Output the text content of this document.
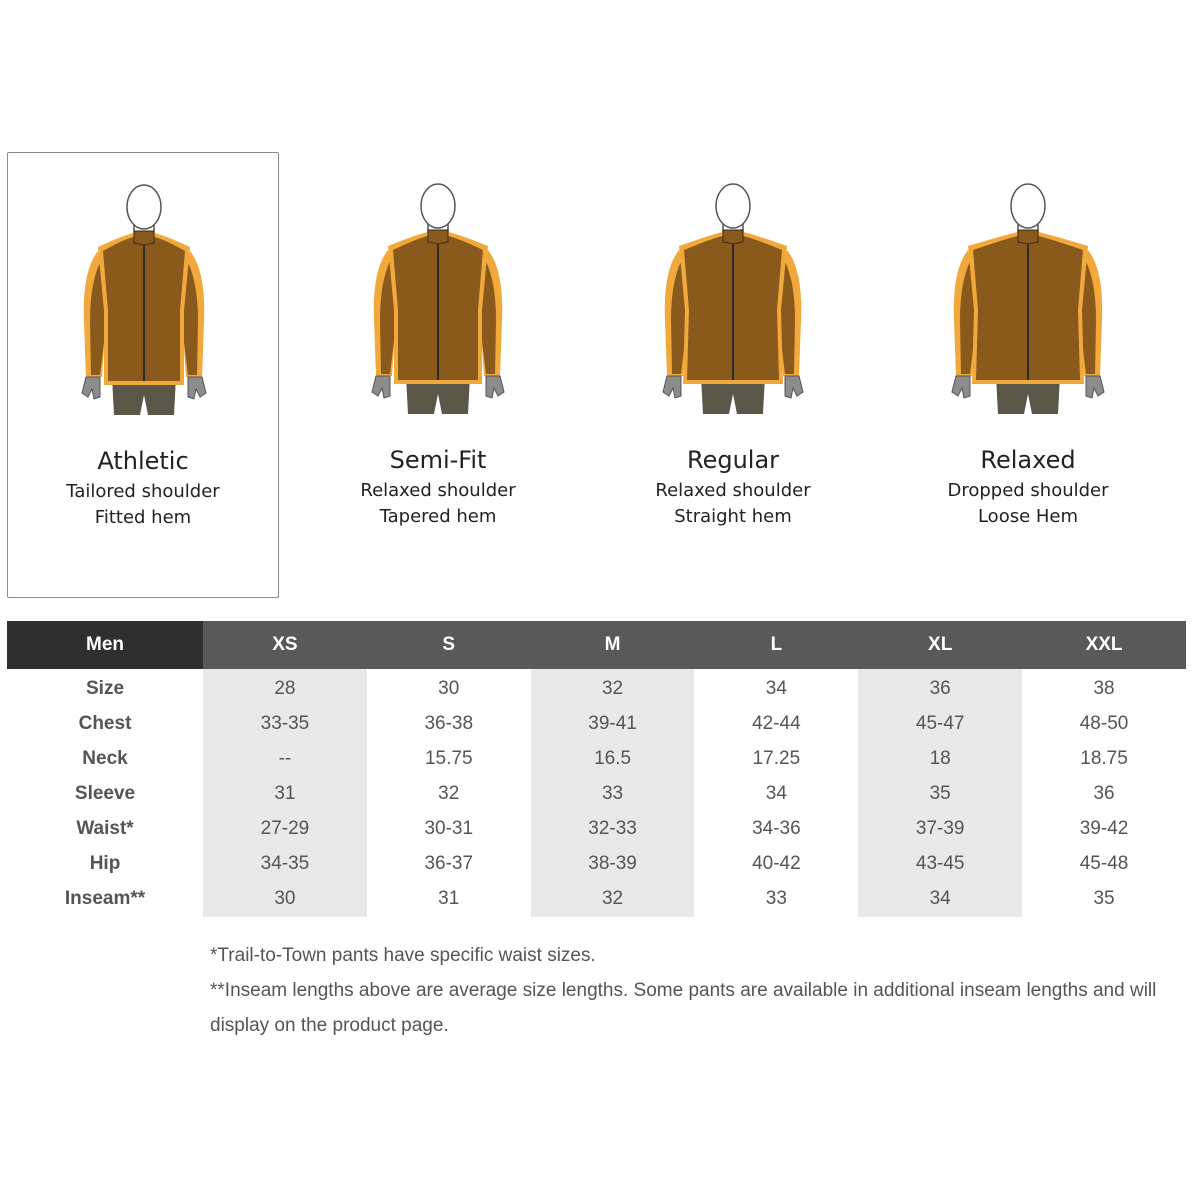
Athletic
Tailored shoulder
Fitted hem
Semi-Fit
Relaxed shoulder
Tapered hem
Regular
Relaxed shoulder
Straight hem
Relaxed
Dropped shoulder
Loose Hem
Men	XS	S	M	L	XL	XXL
Size	28	30	32	34	36	38
Chest	33-35	36-38	39-41	42-44	45-47	48-50
Neck	--	15.75	16.5	17.25	18	18.75
Sleeve	31	32	33	34	35	36
Waist*	27-29	30-31	32-33	34-36	37-39	39-42
Hip	34-35	36-37	38-39	40-42	43-45	45-48
Inseam**	30	31	32	33	34	35

*Trail-to-Town pants have specific waist sizes.

**Inseam lengths above are average size lengths. Some pants are available in additional inseam lengths and will display on the product page.
